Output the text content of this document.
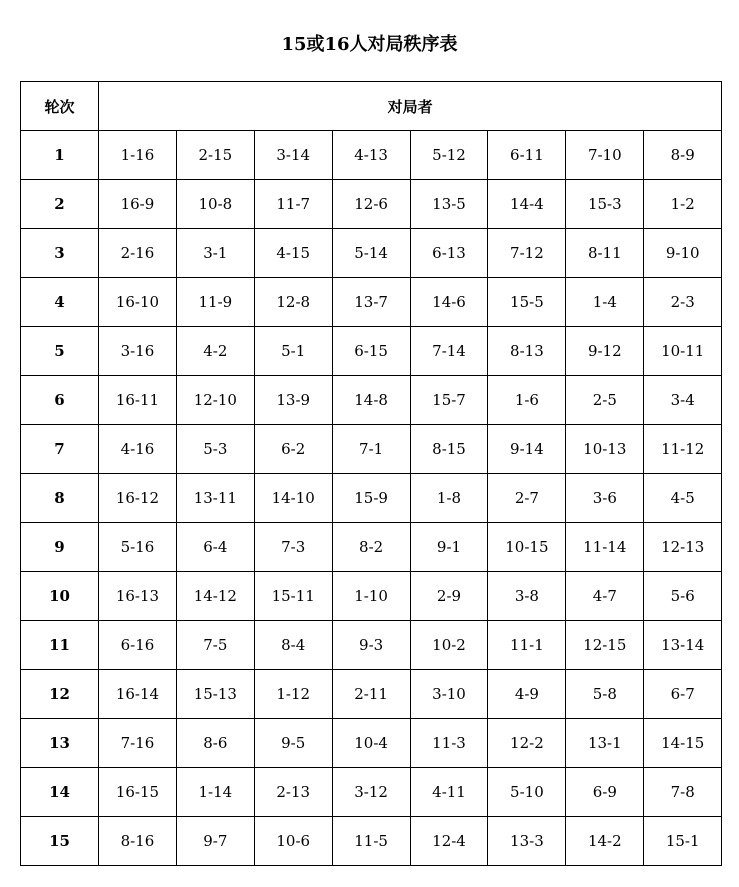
15或16人对局秩序表
轮次	对局者							
1	1-16	2-15	3-14	4-13	5-12	6-11	7-10	8-9
2	16-9	10-8	11-7	12-6	13-5	14-4	15-3	1-2
3	2-16	3-1	4-15	5-14	6-13	7-12	8-11	9-10
4	16-10	11-9	12-8	13-7	14-6	15-5	1-4	2-3
5	3-16	4-2	5-1	6-15	7-14	8-13	9-12	10-11
6	16-11	12-10	13-9	14-8	15-7	1-6	2-5	3-4
7	4-16	5-3	6-2	7-1	8-15	9-14	10-13	11-12
8	16-12	13-11	14-10	15-9	1-8	2-7	3-6	4-5
9	5-16	6-4	7-3	8-2	9-1	10-15	11-14	12-13
10	16-13	14-12	15-11	1-10	2-9	3-8	4-7	5-6
11	6-16	7-5	8-4	9-3	10-2	11-1	12-15	13-14
12	16-14	15-13	1-12	2-11	3-10	4-9	5-8	6-7
13	7-16	8-6	9-5	10-4	11-3	12-2	13-1	14-15
14	16-15	1-14	2-13	3-12	4-11	5-10	6-9	7-8
15	8-16	9-7	10-6	11-5	12-4	13-3	14-2	15-1
